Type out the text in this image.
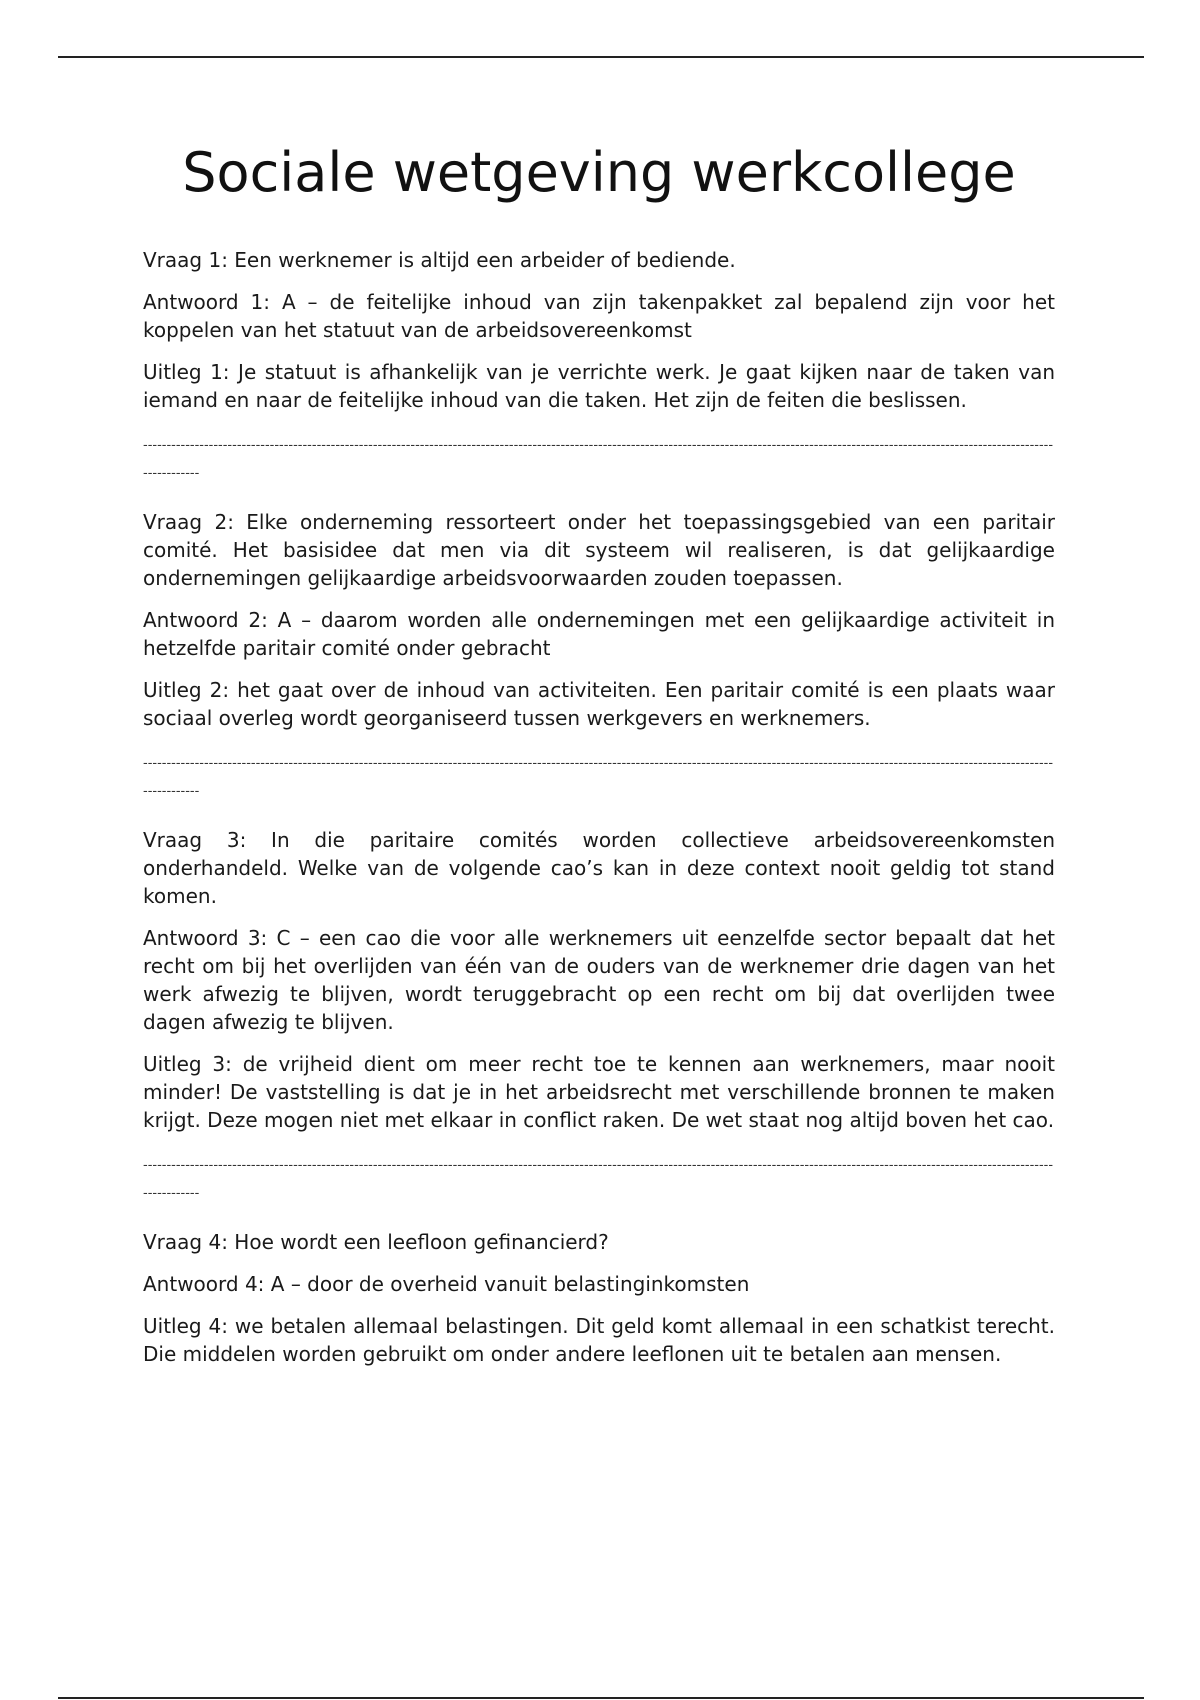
Sociale wetgeving werkcollege

Vraag 1: Een werknemer is altijd een arbeider of bediende.

Antwoord 1: A – de feitelijke inhoud van zijn takenpakket zal bepalend zijn voor het koppelen van het statuut van de arbeidsovereenkomst

Uitleg 1: Je statuut is afhankelijk van je verrichte werk. Je gaat kijken naar de taken van iemand en naar de feitelijke inhoud van die taken. Het zijn de feiten die beslissen.

--------------------------------------------------------------------------------------------------------------------------------------------------------------------------------------------------------------

Vraag 2: Elke onderneming ressorteert onder het toepassingsgebied van een paritair comité. Het basisidee dat men via dit systeem wil realiseren, is dat gelijkaardige ondernemingen gelijkaardige arbeidsvoorwaarden zouden toepassen.

Antwoord 2: A – daarom worden alle ondernemingen met een gelijkaardige activiteit in hetzelfde paritair comité onder gebracht

Uitleg 2: het gaat over de inhoud van activiteiten. Een paritair comité is een plaats waar sociaal overleg wordt georganiseerd tussen werkgevers en werknemers.

--------------------------------------------------------------------------------------------------------------------------------------------------------------------------------------------------------------

Vraag 3: In die paritaire comités worden collectieve arbeidsovereenkomsten onderhandeld. Welke van de volgende cao’s kan in deze context nooit geldig tot stand komen.

Antwoord 3: C – een cao die voor alle werknemers uit eenzelfde sector bepaalt dat het recht om bij het overlijden van één van de ouders van de werknemer drie dagen van het werk afwezig te blijven, wordt teruggebracht op een recht om bij dat overlijden twee dagen afwezig te blijven.

Uitleg 3: de vrijheid dient om meer recht toe te kennen aan werknemers, maar nooit minder! De vaststelling is dat je in het arbeidsrecht met verschillende bronnen te maken krijgt. Deze mogen niet met elkaar in conflict raken. De wet staat nog altijd boven het cao.

--------------------------------------------------------------------------------------------------------------------------------------------------------------------------------------------------------------

Vraag 4: Hoe wordt een leefloon gefinancierd?

Antwoord 4: A – door de overheid vanuit belastinginkomsten

Uitleg 4: we betalen allemaal belastingen. Dit geld komt allemaal in een schatkist terecht. Die middelen worden gebruikt om onder andere leeflonen uit te betalen aan mensen.
